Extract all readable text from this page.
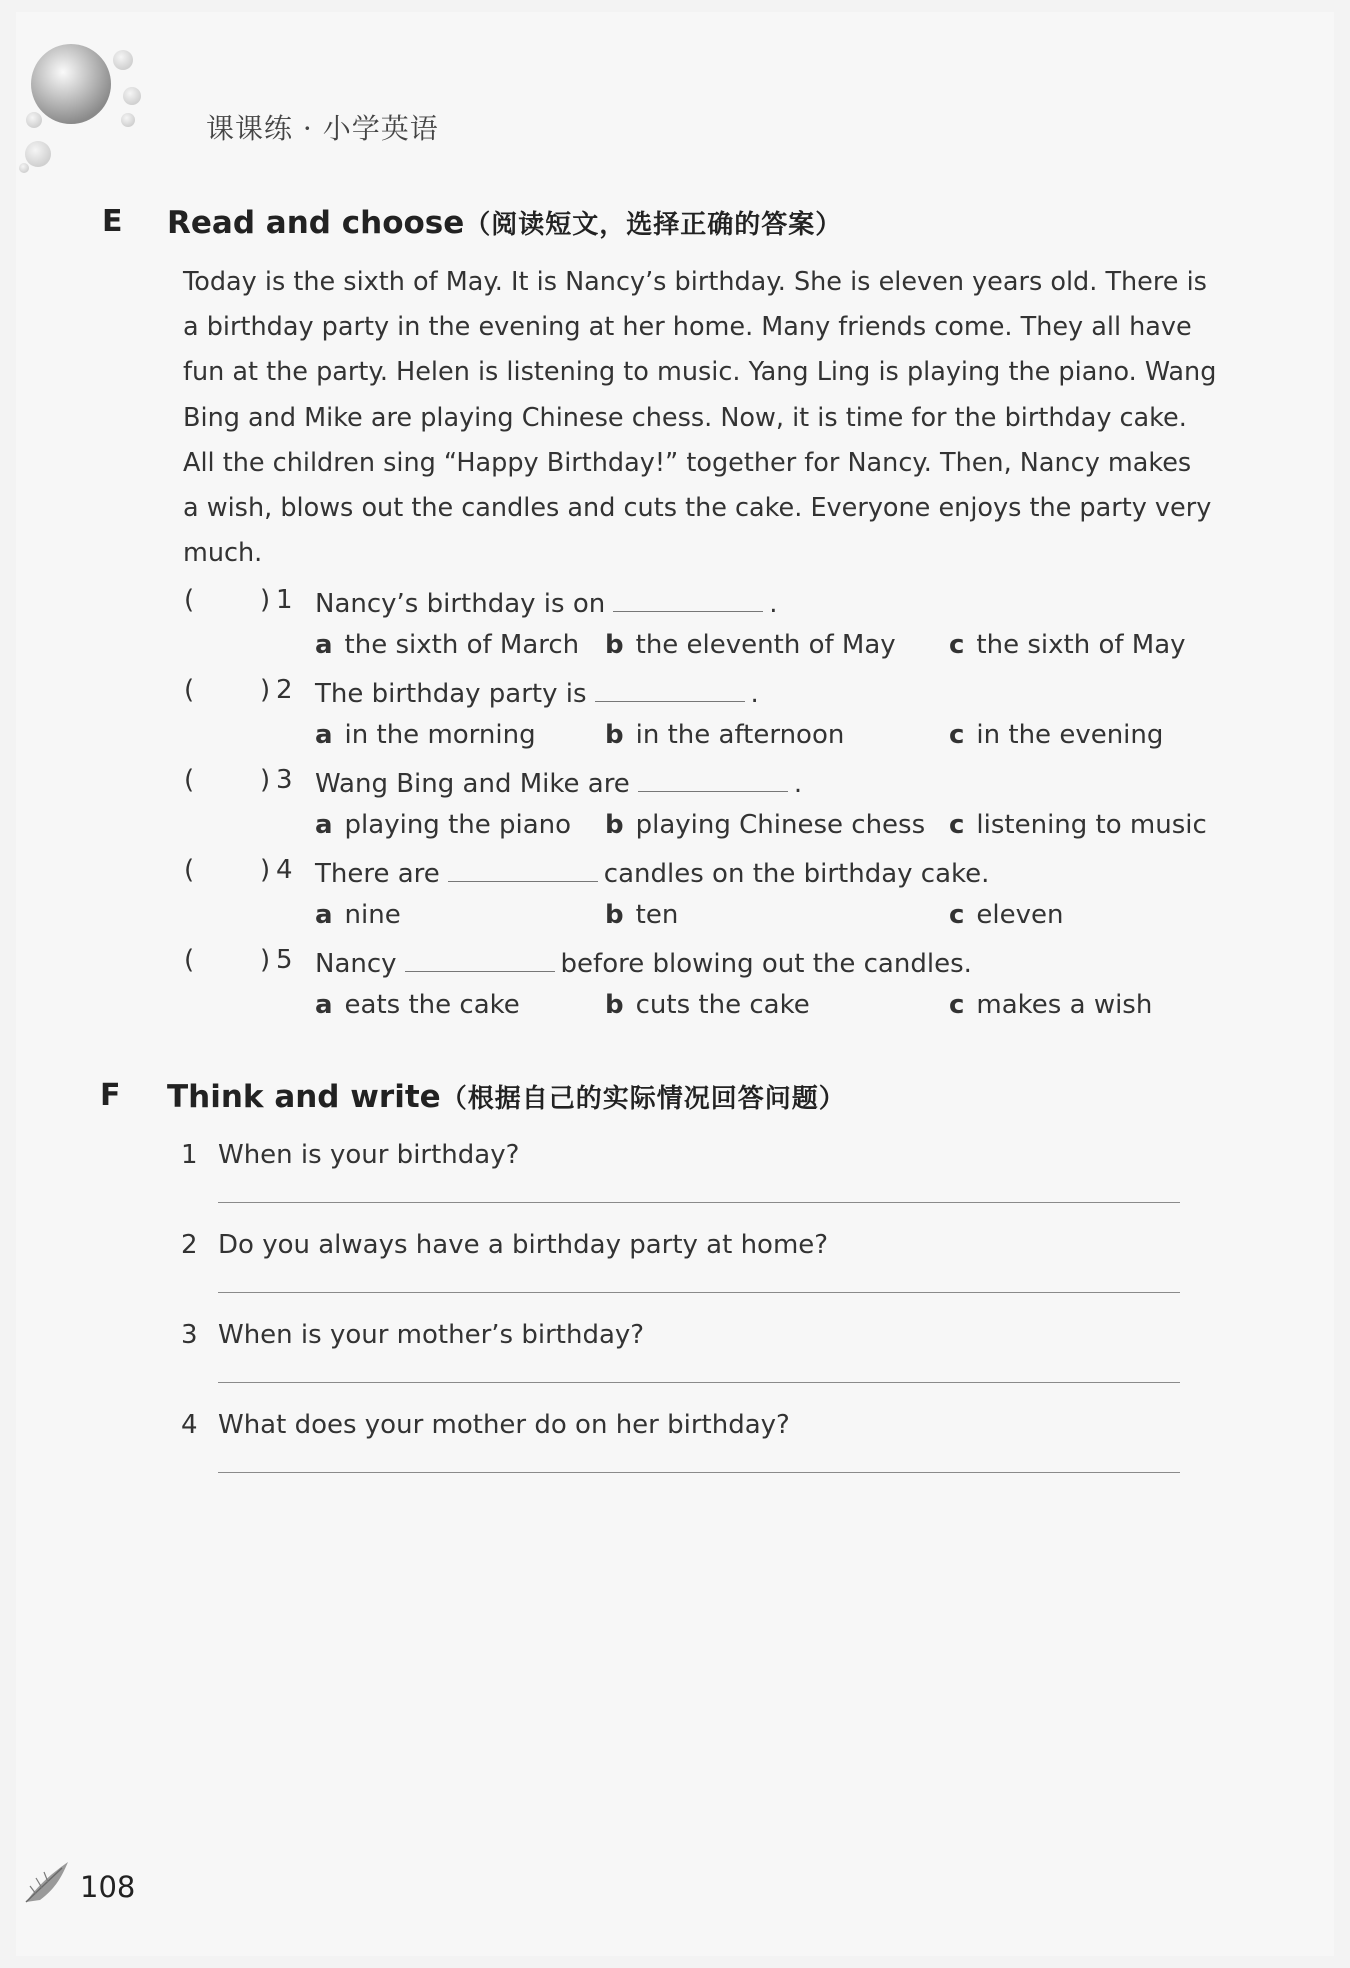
课课练 · 小学英语
E Read and choose（阅读短文，选择正确的答案）

Today is the sixth of May. It is Nancy’s birthday. She is eleven years old. There is

a birthday party in the evening at her home. Many friends come. They all have

fun at the party. Helen is listening to music. Yang Ling is playing the piano. Wang

Bing and Mike are playing Chinese chess. Now, it is time for the birthday cake.

All the children sing “Happy Birthday!” together for Nancy. Then, Nancy makes

a wish, blows out the candles and cuts the cake. Everyone enjoys the party very

much.

(	) 1 Nancy’s birthday is on	.
a the sixth of March b the eleventh of May c the sixth of May
(	) 2 The birthday party is	.
a in the morning	b in the afternoon	c in the evening
(	) 3 Wang Bing and Mike are	.
a playing the piano b playing Chinese chess c listening to music
(	) 4 There are	candles on the birthday cake.
a nine	b ten	c eleven
(	) 5 Nancy	before blowing out the candles.
a eats the cake	b cuts the cake	c makes a wish
F Think and write（根据自己的实际情况回答问题）
1 When is your birthday?
2 Do you always have a birthday party at home?
3 When is your mother’s birthday?
4 What does your mother do on her birthday?
108
